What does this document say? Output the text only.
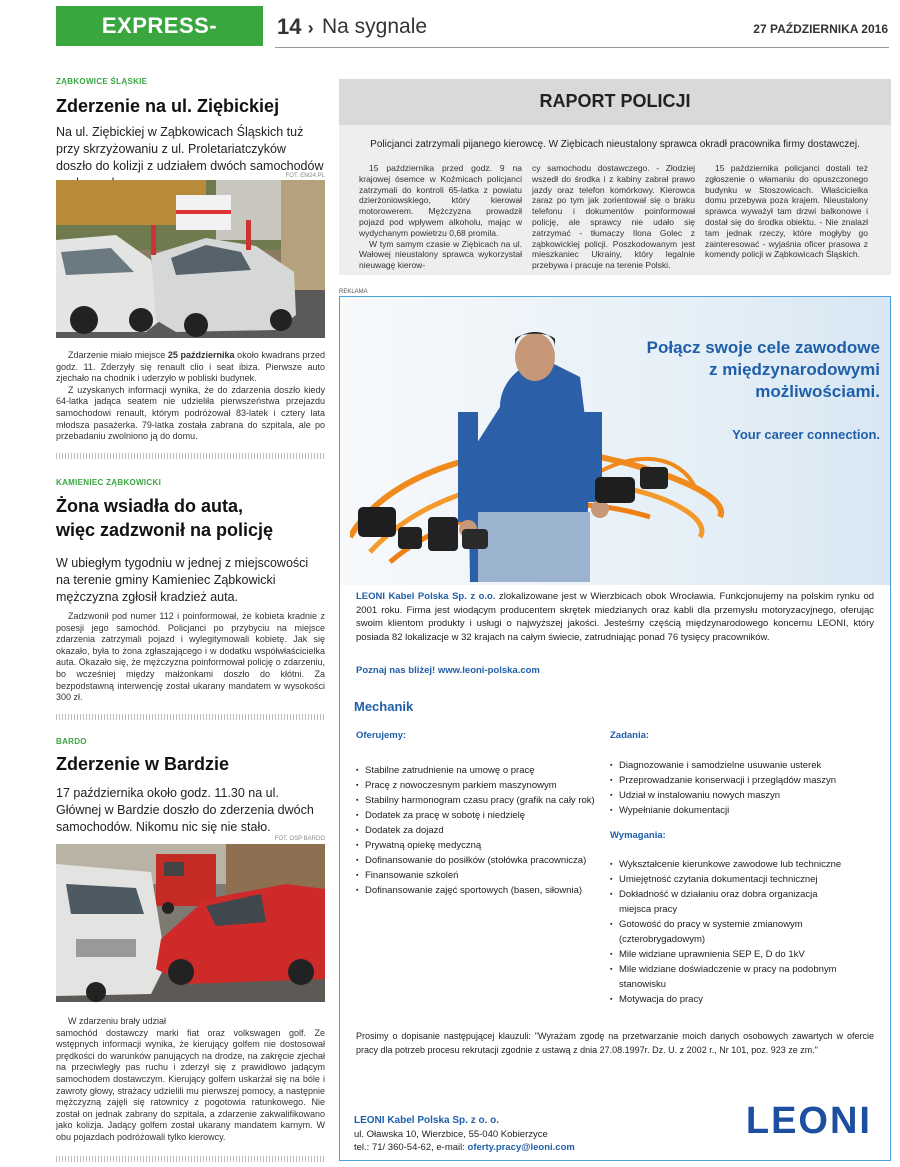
EXPRESS-MIEJSKI.PL
14 › Na sygnale	27 PAŹDZIERNIKA 2016
ZĄBKOWICE ŚLĄSKIE
Zderzenie na ul. Ziębickiej
Na ul. Ziębickiej w Ząbkowicach Śląskich tuż przy skrzyżowaniu z ul. Proletariatczyków doszło do kolizji z udziałem dwóch samochodów
FOT. EM24.PL

Zdarzenie miało miejsce 25 października około kwadrans przed godz. 11. Zderzyły się renault clio i seat ibiza. Pierwsze auto zjechało na chodnik i uderzyło w pobliski budynek.

Z uzyskanych informacji wynika, że do zdarzenia doszło kiedy 64-latka jadąca seatem nie udzieliła pierwszeństwa przejazdu samochodowi renault, którym podróżował 83-latek i cztery lata młodsza pasażerka. 79-latka została zabrana do szpitala, ale po przebadaniu zwolniono ją do domu.

KAMIENIEC ZĄBKOWICKI
Żona wsiadła do auta,
więc zadzwonił na policję
W ubiegłym tygodniu w jednej z miejscowości na terenie gminy Kamieniec Ząbkowicki mężczyzna zgłosił kradzież auta.

Zadzwonił pod numer 112 i poinformował, że kobieta kradnie z posesji jego samochód. Policjanci po przybyciu na miejsce zdarzenia zatrzymali pojazd i wylegitymowali kobietę. Jak się okazało, była to żona zgłaszającego i w dodatku współwłaścicielka auta. Okazało się, że mężczyzna poinformował policję o zdarzeniu, bo wcześniej między małżonkami doszło do kłótni. Za bezpodstawną interwencję został ukarany mandatem w wysokości 300 zł.

BARDO
Zderzenie w Bardzie
17 października około godz. 11.30 na ul. Głównej w Bardzie doszło do zderzenia dwóch samochodów. Nikomu nic się nie stało.
FOT. OSP BARDO

W zdarzeniu brały udział

samochód dostawczy marki fiat oraz volkswagen golf. Ze wstępnych informacji wynika, że kierujący golfem nie dostosował prędkości do warunków panujących na drodze, na zakręcie zjechał na przeciwległy pas ruchu i zderzył się z prawidłowo jadącym samochodem dostawczym. Kierujący golfem uskarżał się na bóle i zawroty głowy, strażacy udzielili mu pierwszej pomocy, a następnie mężczyzną zajęli się ratownicy z pogotowia ratunkowego. Nie został on jednak zabrany do szpitala, a zdarzenie zakwalifikowano jako kolizja. Jadący golfem został ukarany mandatem karnym. W obu pojazdach podróżowali tylko kierowcy.

RAPORT POLICJI
Policjanci zatrzymali pijanego kierowcę. W Ziębicach nieustalony sprawca okradł pracownika firmy dostawczej.
15 października przed godz. 9 na krajowej ósemce w Koźmicach policjanci zatrzymali do kontroli 65-latka z powiatu dzierżoniowskiego, który kierował motorowerem. Mężczyzna prowadził pojazd pod wpływem alkoholu, mając w wydychanym powietrzu 0,68 promila.
W tym samym czasie w Ziębicach na ul. Wałowej nieustalony sprawca wykorzystał nieuwagę kierow-
cy samochodu dostawczego. - Złodziej wszedł do środka i z kabiny zabrał prawo jazdy oraz telefon komórkowy. Kierowca zaraz po tym jak zorientował się o braku telefonu i dokumentów poinformował policję, ale sprawcy nie udało się zatrzymać - tłumaczy Ilona Golec z ząbkowickiej policji. Poszkodowanym jest mieszkaniec Ukrainy, który legalnie przebywa i pracuje na terenie Polski.
15 października policjanci dostali też zgłoszenie o włamaniu do opuszczonego budynku w Stoszowicach. Właścicielka domu przebywa poza krajem. Nieustalony sprawca wyważył tam drzwi balkonowe i dostał się do środka obiektu. - Nie znalazł tam jednak rzeczy, które mogłyby go zainteresować - wyjaśnia oficer prasowa z komendy policji w Ząbkowicach Śląskich.
REKLAMA
Połącz swoje cele zawodowe
z międzynarodowymi
możliwościami.
Your career connection.
LEONI Kabel Polska Sp. z o.o. zlokalizowane jest w Wierzbicach obok Wrocławia. Funkcjonujemy na polskim rynku od 2001 roku. Firma jest wiodącym producentem skrętek miedzianych oraz kabli dla przemysłu motoryzacyjnego, oferując swoim klientom produkty i usługi o najwyższej jakości. Jesteśmy częścią międzynarodowego koncernu LEONI, który posiada 82 lokalizacje w 32 krajach na całym świecie, zatrudniając ponad 76 tysięcy pracowników.
Poznaj nas bliżej! www.leoni-polska.com
Mechanik
Oferujemy:
▪ Stabilne zatrudnienie na umowę o pracę
▪ Pracę z nowoczesnym parkiem maszynowym
▪ Stabilny harmonogram czasu pracy (grafik na cały rok)
▪ Dodatek za pracę w sobotę i niedzielę
▪ Dodatek za dojazd
▪ Prywatną opiekę medyczną
▪ Dofinansowanie do posiłków (stołówka pracownicza)
▪ Finansowanie szkoleń
▪ Dofinansowanie zajęć sportowych (basen, siłownia)
Zadania:
▪ Diagnozowanie i samodzielne usuwanie usterek
▪ Przeprowadzanie konserwacji i przeglądów maszyn
▪ Udział w instalowaniu nowych maszyn
▪ Wypełnianie dokumentacji
Wymagania:
▪ Wykształcenie kierunkowe zawodowe lub techniczne
▪ Umiejętność czytania dokumentacji technicznej
▪ Dokładność w działaniu oraz dobra organizacja miejsca pracy
▪ Gotowość do pracy w systemie zmianowym (czterobrygadowym)
▪ Mile widziane uprawnienia SEP E, D do 1kV
▪ Mile widziane doświadczenie w pracy na podobnym stanowisku
▪ Motywacja do pracy
Prosimy o dopisanie następującej klauzuli: "Wyrażam zgodę na przetwarzanie moich danych osobowych zawartych w ofercie pracy dla potrzeb procesu rekrutacji zgodnie z ustawą z dnia 27.08.1997r. Dz. U. z 2002 r., Nr 101, poz. 923 ze zm."
LEONI Kabel Polska Sp. z o. o.
ul. Oławska 10, Wierzbice, 55-040 Kobierzyce
tel.: 71/ 360-54-62, e-mail: oferty.pracy@leoni.com
LEONI
